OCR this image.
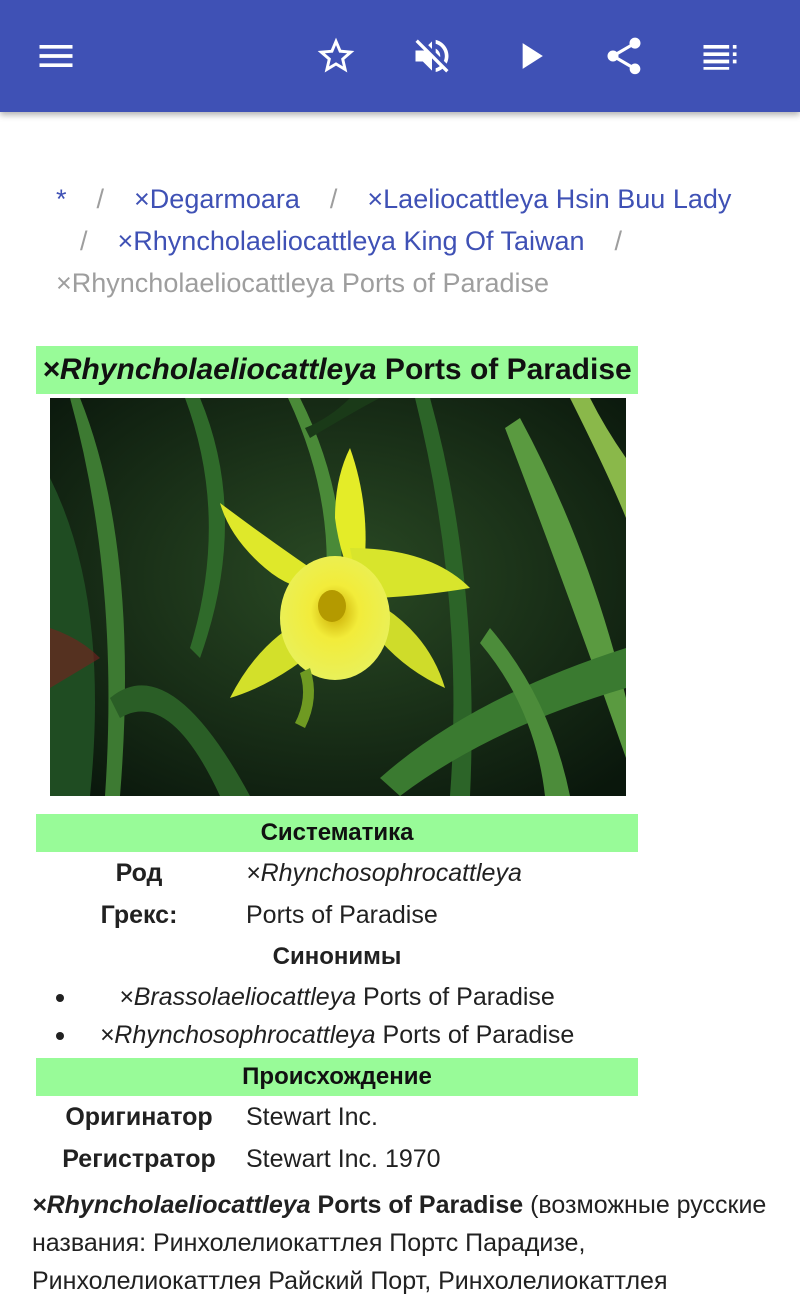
* / ×Degarmoara / ×Laeliocattleya Hsin Buu Lady
/ ×Rhyncholaeliocattleya King Of Taiwan /
×Rhyncholaeliocattleya Ports of Paradise
×Rhyncholaeliocattleya Ports of Paradise
Систематика
Род	×Rhynchosophrocattleya
Грекс:	Ports of Paradise
Синонимы
×Brassolaeliocattleya Ports of Paradise
×Rhynchosophrocattleya Ports of Paradise
Происхождение
Оригинатор	Stewart Inc.
Регистратор	Stewart Inc. 1970
×Rhyncholaeliocattleya Ports of Paradise (возможные русские названия: Ринхолелиокаттлея Портс Парадизе, Ринхолелиокаттлея Райский Порт, Ринхолелиокаттлея
